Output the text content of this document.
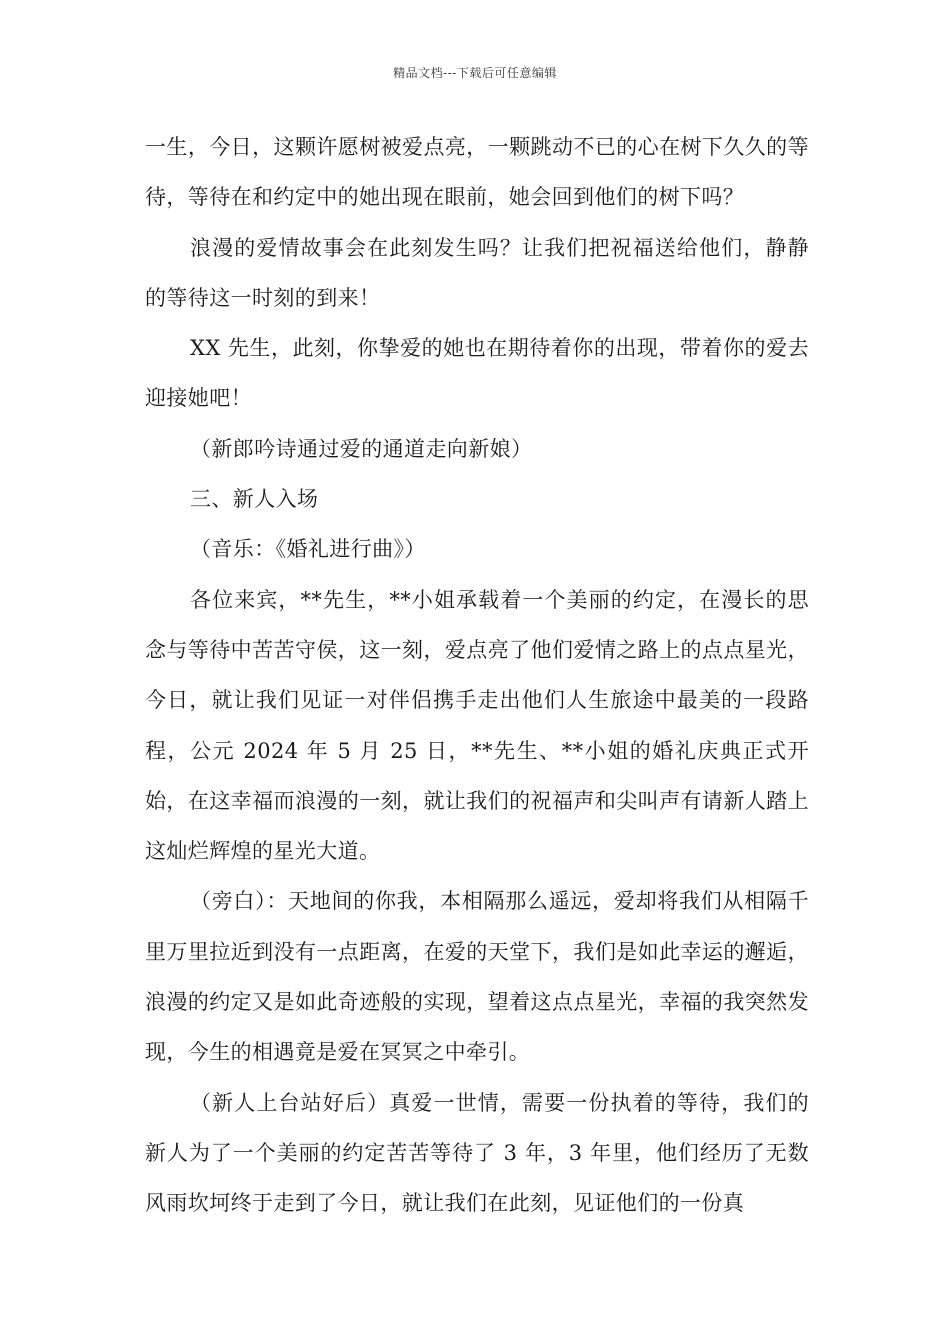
精品文档---下载后可任意编辑

一生，今日，这颗许愿树被爱点亮，一颗跳动不已的心在树下久久的等待，等待在和约定中的她出现在眼前，她会回到他们的树下吗？

浪漫的爱情故事会在此刻发生吗？让我们把祝福送给他们，静静的等待这一时刻的到来！

XX 先生，此刻，你挚爱的她也在期待着你的出现，带着你的爱去迎接她吧！

（新郎吟诗通过爱的通道走向新娘）

三、新人入场

（音乐：《婚礼进行曲》）

各位来宾，**先生，**小姐承载着一个美丽的约定，在漫长的思念与等待中苦苦守侯，这一刻，爱点亮了他们爱情之路上的点点星光，今日，就让我们见证一对伴侣携手走出他们人生旅途中最美的一段路程，公元 2024 年 5 月 25 日，**先生、**小姐的婚礼庆典正式开始，在这幸福而浪漫的一刻，就让我们的祝福声和尖叫声有请新人踏上这灿烂辉煌的星光大道。

（旁白）：天地间的你我，本相隔那么遥远，爱却将我们从相隔千里万里拉近到没有一点距离，在爱的天堂下，我们是如此幸运的邂逅，浪漫的约定又是如此奇迹般的实现，望着这点点星光，幸福的我突然发现，今生的相遇竟是爱在冥冥之中牵引。

（新人上台站好后）真爱一世情，需要一份执着的等待，我们的新人为了一个美丽的约定苦苦等待了 3 年，3 年里，他们经历了无数风雨坎坷终于走到了今日，就让我们在此刻，见证他们的一份真
